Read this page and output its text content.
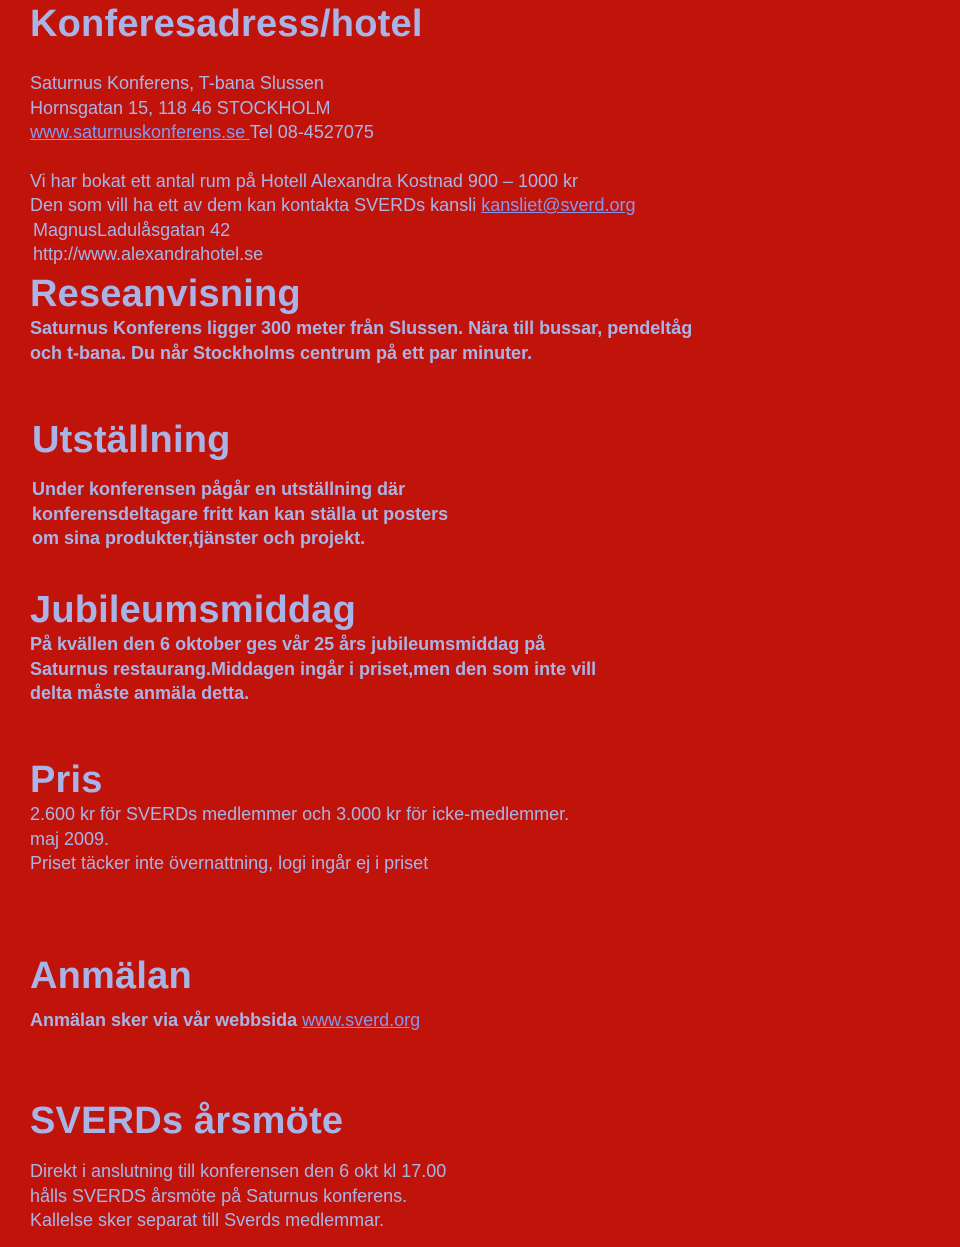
Konferesadress/hotel
Saturnus Konferens, T-bana Slussen
Hornsgatan 15, 118 46 STOCKHOLM
www.saturnuskonferens.se Tel 08-4527075
Vi har bokat ett antal rum på Hotell Alexandra Kostnad 900 – 1000 kr
Den som vill ha ett av dem kan kontakta SVERDs kansli kansliet@sverd.org
MagnusLadulåsgatan 42
http://www.alexandrahotel.se
Reseanvisning
Saturnus Konferens ligger 300 meter från Slussen. Nära till bussar, pendeltåg
och t-bana. Du når Stockholms centrum på ett par minuter.
Utställning
Under konferensen pågår en utställning där
konferensdeltagare fritt kan kan ställa ut posters
om sina produkter,tjänster och projekt.
Jubileumsmiddag
På kvällen den 6 oktober ges vår 25 års jubileumsmiddag på
Saturnus restaurang.Middagen ingår i priset,men den som inte vill
delta måste anmäla detta.
Pris
2.600 kr för SVERDs medlemmer och 3.000 kr för icke-medlemmer.
maj 2009.
Priset täcker inte övernattning, logi ingår ej i priset
Anmälan
Anmälan sker via vår webbsida www.sverd.org
SVERDs årsmöte
Direkt i anslutning till konferensen den 6 okt kl 17.00
hålls SVERDS årsmöte på Saturnus konferens.
Kallelse sker separat till Sverds medlemmar.
